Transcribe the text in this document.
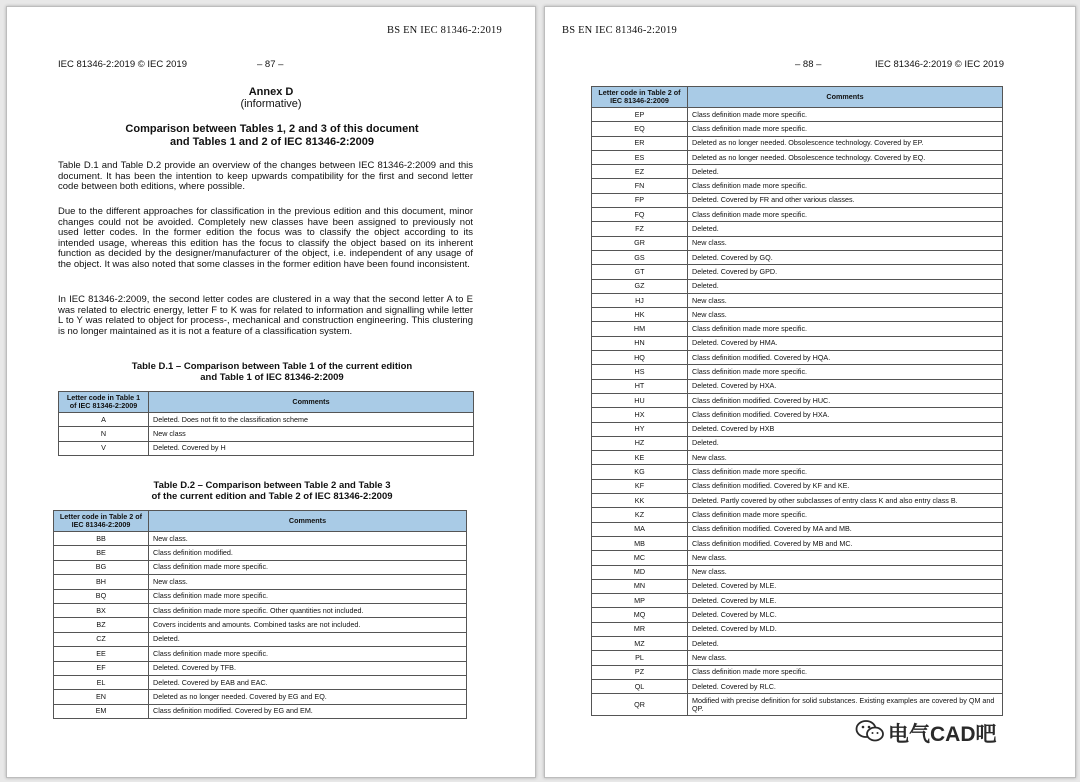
BS EN IEC 81346-2:2019
IEC 81346-2:2019 © IEC 2019	– 87 –
Annex D
(informative)
Comparison between Tables 1, 2 and 3 of this document
and Tables 1 and 2 of IEC 81346-2:2009
Table D.1 and Table D.2 provide an overview of the changes between IEC 81346-2:2009 and this document. It has been the intention to keep upwards compatibility for the first and second letter code between both editions, where possible.
Due to the different approaches for classification in the previous edition and this document, minor changes could not be avoided. Completely new classes have been assigned to previously not used letter codes. In the former edition the focus was to classify the object according to its intended usage, whereas this edition has the focus to classify the object based on its inherent function as decided by the designer/manufacturer of the object, i.e. independent of any usage of the object. It was also noted that some classes in the former edition have been found inconsistent.
In IEC 81346-2:2009, the second letter codes are clustered in a way that the second letter A to E was related to electric energy, letter F to K was for related to information and signalling while letter L to Y was related to object for process-, mechanical and construction engineering. This clustering is no longer maintained as it is not a feature of a classification system.
Table D.1 – Comparison between Table 1 of the current edition
and Table 1 of IEC 81346-2:2009
Letter code in Table 1 of IEC 81346-2:2009	Comments
A	Deleted. Does not fit to the classification scheme
N	New class
V	Deleted. Covered by H
Table D.2 – Comparison between Table 2 and Table 3
of the current edition and Table 2 of IEC 81346-2:2009
Letter code in Table 2 of IEC 81346-2:2009	Comments
BB	New class.
BE	Class definition modified.
BG	Class definition made more specific.
BH	New class.
BQ	Class definition made more specific.
BX	Class definition made more specific. Other quantities not included.
BZ	Covers incidents and amounts. Combined tasks are not included.
CZ	Deleted.
EE	Class definition made more specific.
EF	Deleted. Covered by TFB.
EL	Deleted. Covered by EAB and EAC.
EN	Deleted as no longer needed. Covered by EG and EQ.
EM	Class definition modified. Covered by EG and EM.
BS EN IEC 81346-2:2019
– 88 –	IEC 81346-2:2019 © IEC 2019
Letter code in Table 2 of IEC 81346-2:2009	Comments
EP	Class definition made more specific.
EQ	Class definition made more specific.
ER	Deleted as no longer needed. Obsolescence technology. Covered by EP.
ES	Deleted as no longer needed. Obsolescence technology. Covered by EQ.
EZ	Deleted.
FN	Class definition made more specific.
FP	Deleted. Covered by FR and other various classes.
FQ	Class definition made more specific.
FZ	Deleted.
GR	New class.
GS	Deleted. Covered by GQ.
GT	Deleted. Covered by GPD.
GZ	Deleted.
HJ	New class.
HK	New class.
HM	Class definition made more specific.
HN	Deleted. Covered by HMA.
HQ	Class definition modified. Covered by HQA.
HS	Class definition made more specific.
HT	Deleted. Covered by HXA.
HU	Class definition modified. Covered by HUC.
HX	Class definition modified. Covered by HXA.
HY	Deleted. Covered by HXB
HZ	Deleted.
KE	New class.
KG	Class definition made more specific.
KF	Class definition modified. Covered by KF and KE.
KK	Deleted. Partly covered by other subclasses of entry class K and also entry class B.
KZ	Class definition made more specific.
MA	Class definition modified. Covered by MA and MB.
MB	Class definition modified. Covered by MB and MC.
MC	New class.
MD	New class.
MN	Deleted. Covered by MLE.
MP	Deleted. Covered by MLE.
MQ	Deleted. Covered by MLC.
MR	Deleted. Covered by MLD.
MZ	Deleted.
PL	New class.
PZ	Class definition made more specific.
QL	Deleted. Covered by RLC.
QR	Modified with precise definition for solid substances. Existing examples are covered by QM and QP.
电气CAD吧
